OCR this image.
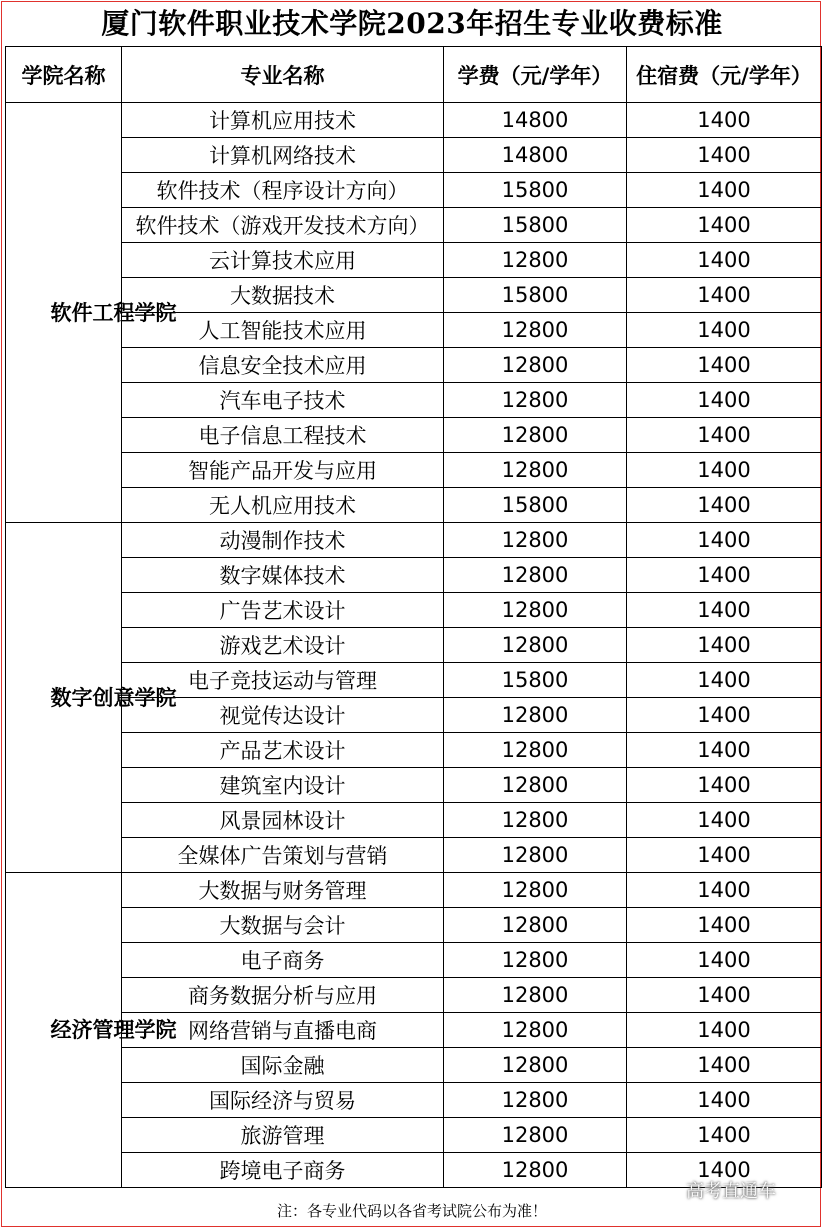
厦门软件职业技术学院2023年招生专业收费标准
学院名称	专业名称	学费（元/学年）	住宿费（元/学年）

软件工程学院	计算机应用技术	14800	1400
	计算机网络技术	14800	1400
	软件技术（程序设计方向）	15800	1400
	软件技术（游戏开发技术方向）	15800	1400
	云计算技术应用	12800	1400
	大数据技术	15800	1400
	人工智能技术应用	12800	1400
	信息安全技术应用	12800	1400
	汽车电子技术	12800	1400
	电子信息工程技术	12800	1400
	智能产品开发与应用	12800	1400
	无人机应用技术	15800	1400

数字创意学院	动漫制作技术	12800	1400
	数字媒体技术	12800	1400
	广告艺术设计	12800	1400
	游戏艺术设计	12800	1400
	电子竞技运动与管理	15800	1400
	视觉传达设计	12800	1400
	产品艺术设计	12800	1400
	建筑室内设计	12800	1400
	风景园林设计	12800	1400
	全媒体广告策划与营销	12800	1400

经济管理学院	大数据与财务管理	12800	1400
	大数据与会计	12800	1400
	电子商务	12800	1400
	商务数据分析与应用	12800	1400
	网络营销与直播电商	12800	1400
	国际金融	12800	1400
	国际经济与贸易	12800	1400
	旅游管理	12800	1400
	跨境电子商务	12800	1400
注：各专业代码以各省考试院公布为准！
高考直通车
